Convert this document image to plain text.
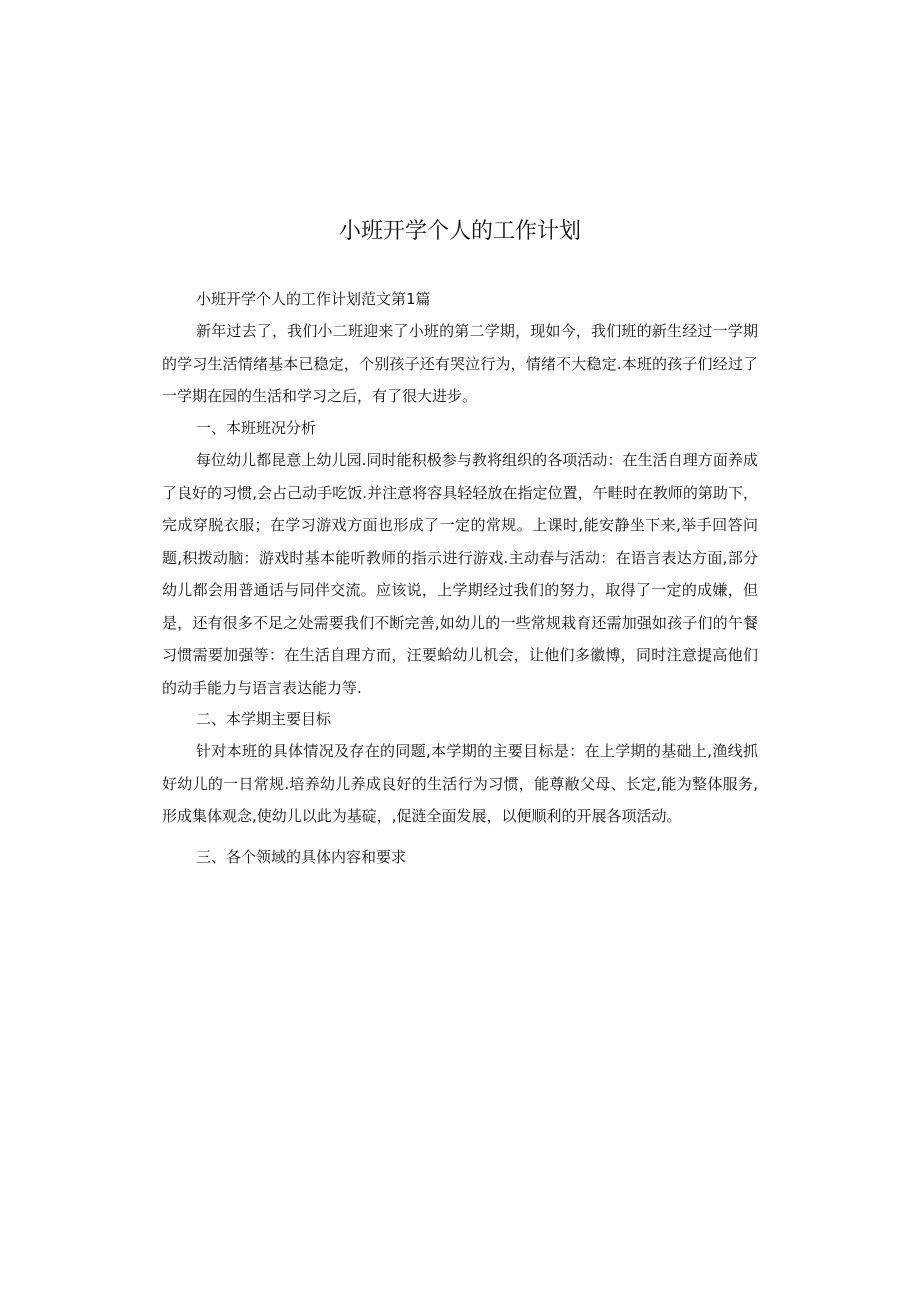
小班开学个人的工作计划

小班开学个人的工作计划范文第1篇

新年过去了，我们小二班迎来了小班的第二学期，现如今，我们班的新生经过一学期的学习生活情绪基本已稳定，个别孩子还有哭泣行为，情绪不大稳定.本班的孩子们经过了一学期在园的生活和学习之后，有了很大进步。

一、本班班况分析

每位幼儿都昆意上幼儿园.同时能积极参与教将组织的各项活动：在生活自理方面养成了良好的习惯,会占己动手吃饭.并注意将容具轻轻放在指定位置，午畦时在教师的第助下，完成穿脱衣服；在学习游戏方面也形成了一定的常规。上课时,能安静坐下来,举手回答问题,积拨动脑：游戏时基本能听教师的指示进行游戏.主动春与活动：在语言表达方面,部分幼儿都会用普通话与同伴交流。应该说，上学期经过我们的努力，取得了一定的成嫌，但是，还有很多不足之处需要我们不断完善,如幼儿的一些常规栽育还需加强如孩子们的午餐习惯需要加强等：在生活自理方而，汪要蛤幼儿机会，让他们多徽博，同时注意提高他们的动手能力与语言表达能力等.

二、本学期主要目标

针对本班的具体情况及存在的同题,本学期的主要目标是：在上学期的基础上,渔线抓好幼儿的一日常规.培养幼儿养成良好的生活行为习惯，能尊敝父母、长定,能为整体服务,形成集体观念,使幼儿以此为基碇，,促涟全面发展，以便顺利的开展各项活动。

三、各个领域的具体内容和要求
